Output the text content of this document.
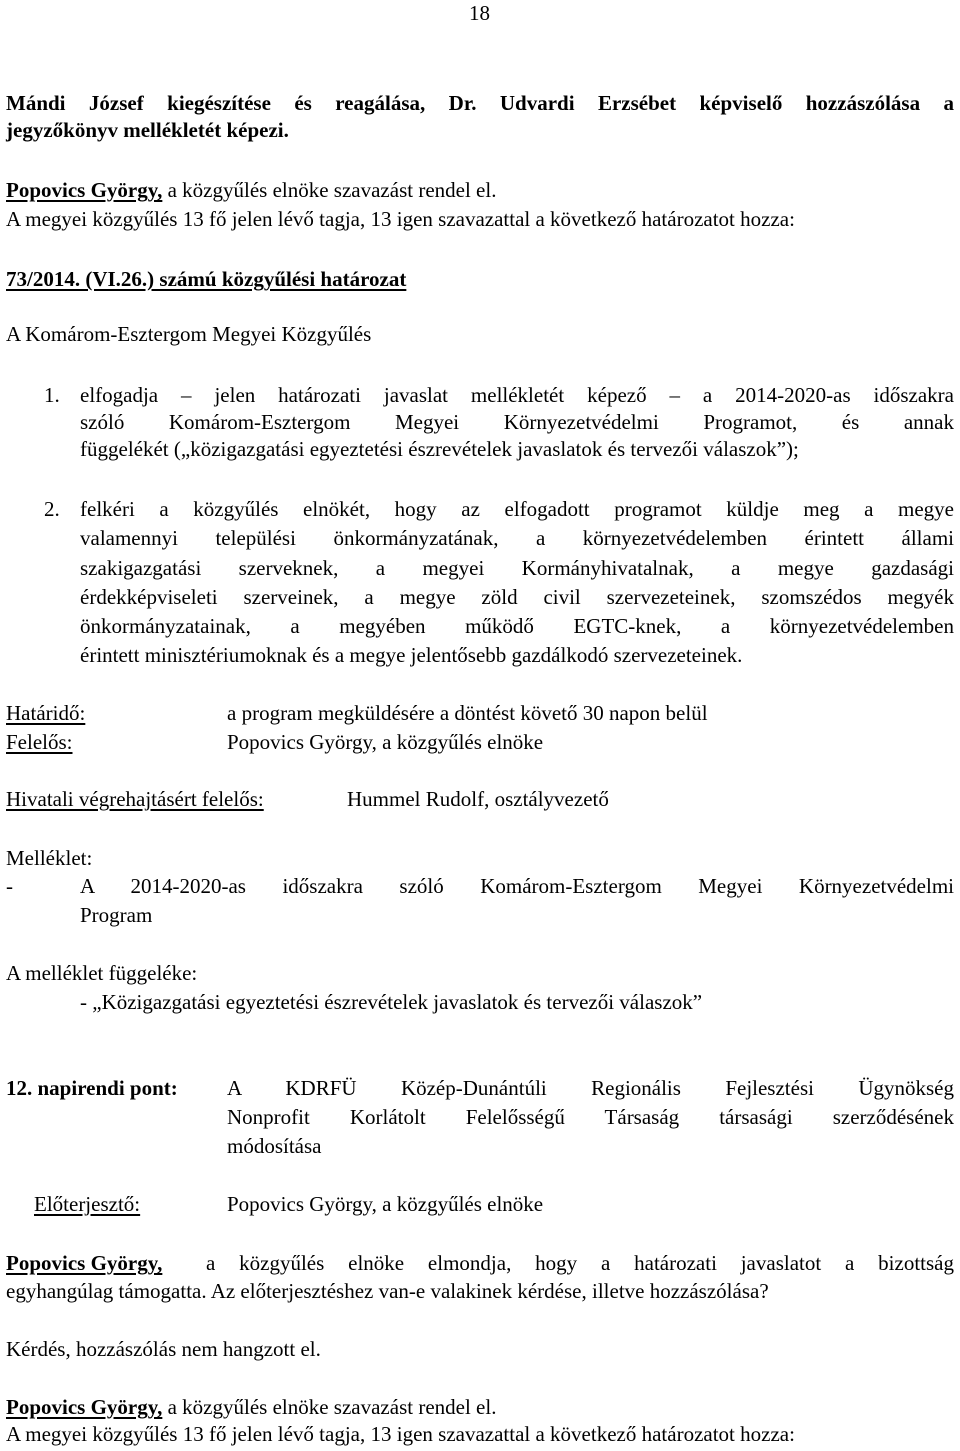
18
Mándi József kiegészítése és reagálása, Dr. Udvardi Erzsébet képviselő hozzászólása a
jegyzőkönyv mellékletét képezi.
Popovics György, a közgyűlés elnöke szavazást rendel el.
A megyei közgyűlés 13 fő jelen lévő tagja, 13 igen szavazattal a következő határozatot hozza:
73/2014. (VI.26.) számú közgyűlési határozat
A Komárom-Esztergom Megyei Közgyűlés
1. elfogadja – jelen határozati javaslat mellékletét képező – a 2014-2020-as időszakra
szóló Komárom-Esztergom Megyei Környezetvédelmi Programot, és annak
függelékét („közigazgatási egyeztetési észrevételek javaslatok és tervezői válaszok”);
2. felkéri a közgyűlés elnökét, hogy az elfogadott programot küldje meg a megye
valamennyi települési önkormányzatának, a környezetvédelemben érintett állami
szakigazgatási szerveknek, a megyei Kormányhivatalnak, a megye gazdasági
érdekképviseleti szerveinek, a megye zöld civil szervezeteinek, szomszédos megyék
önkormányzatainak, a megyében működő EGTC-knek, a környezetvédelemben
érintett minisztériumoknak és a megye jelentősebb gazdálkodó szervezeteinek.
Határidő:	a program megküldésére a döntést követő 30 napon belül
Felelős:	Popovics György, a közgyűlés elnöke
Hivatali végrehajtásért felelős:	Hummel Rudolf, osztályvezető
Melléklet:
-	A 2014-2020-as időszakra szóló Komárom-Esztergom Megyei Környezetvédelmi
Program
A melléklet függeléke:
- „Közigazgatási egyeztetési észrevételek javaslatok és tervezői válaszok”
12. napirendi pont: A KDRFÜ Közép-Dunántúli Regionális Fejlesztési Ügynökség
Nonprofit Korlátolt Felelősségű Társaság társasági szerződésének
módosítása
Előterjesztő:	Popovics György, a közgyűlés elnöke
Popovics György, a közgyűlés elnöke elmondja, hogy a határozati javaslatot a bizottság
egyhangúlag támogatta. Az előterjesztéshez van-e valakinek kérdése, illetve hozzászólása?
Kérdés, hozzászólás nem hangzott el.
Popovics György, a közgyűlés elnöke szavazást rendel el.
A megyei közgyűlés 13 fő jelen lévő tagja, 13 igen szavazattal a következő határozatot hozza:
